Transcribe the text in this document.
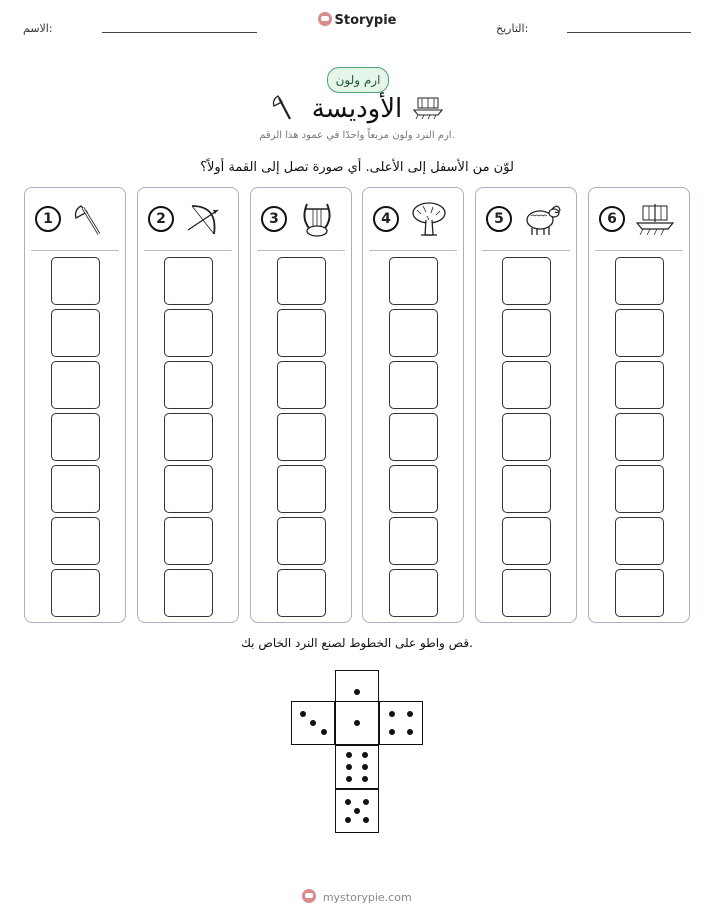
الاسم:
Storypie
التاريخ:
ارم ولون
الأوديسة
ارم النرد ولون مربعاً واحدًا في عمود هذا الرقم.
لوّن من الأسفل إلى الأعلى. أي صورة تصل إلى القمة أولاً؟
1	2	3	4	5	6
قص واطو على الخطوط لصنع النرد الخاص بك.
mystorypie.com
